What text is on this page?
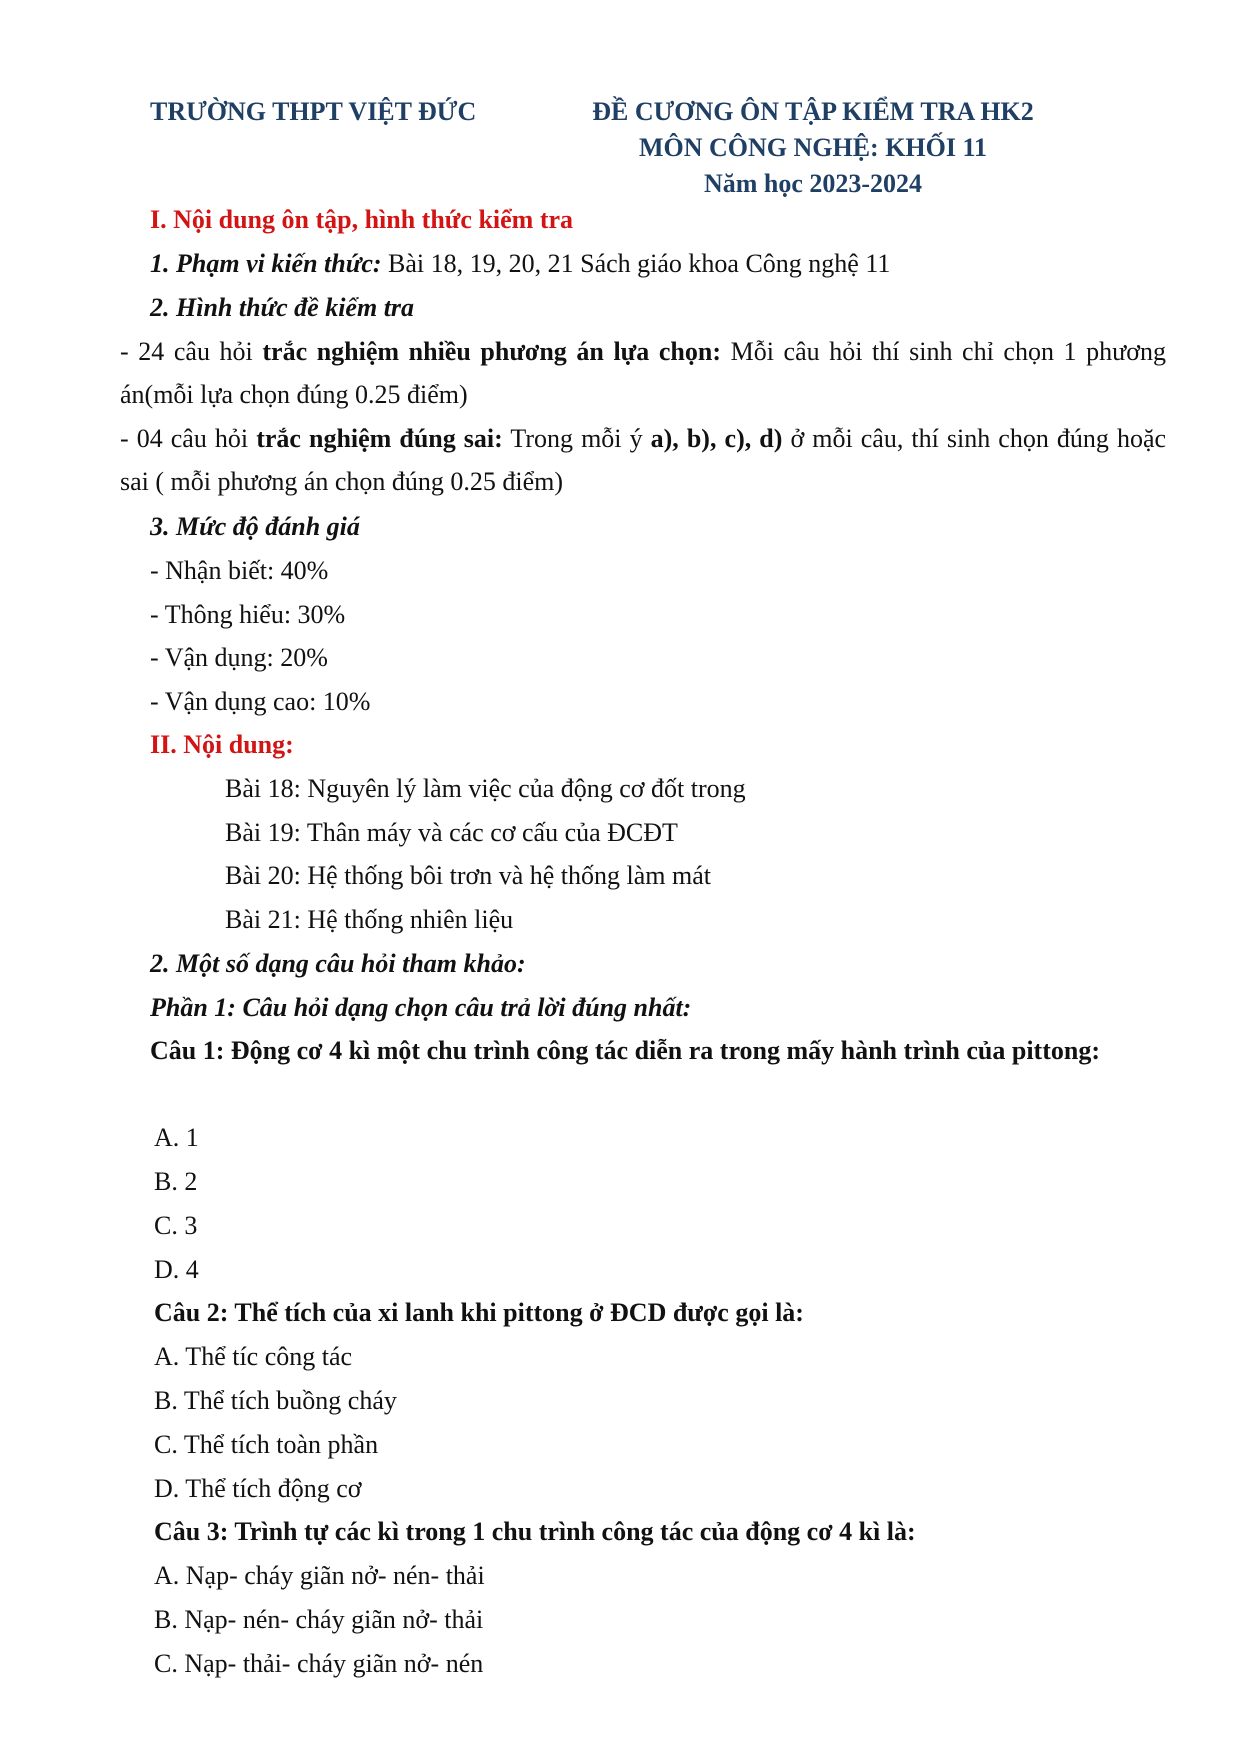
TRƯỜNG THPT VIỆT ĐỨC	ĐỀ CƯƠNG ÔN TẬP KIỂM TRA HK2
MÔN CÔNG NGHỆ: KHỐI 11
Năm học 2023-2024
I. Nội dung ôn tập, hình thức kiểm tra
1. Phạm vi kiến thức: Bài 18, 19, 20, 21 Sách giáo khoa Công nghệ 11
2. Hình thức đề kiểm tra
- 24 câu hỏi trắc nghiệm nhiều phương án lựa chọn: Mỗi câu hỏi thí sinh chỉ chọn 1 phương án(mỗi lựa chọn đúng 0.25 điểm)
- 04 câu hỏi trắc nghiệm đúng sai: Trong mỗi ý a), b), c), d) ở mỗi câu, thí sinh chọn đúng hoặc sai ( mỗi phương án chọn đúng 0.25 điểm)
3. Mức độ đánh giá
- Nhận biết: 40%
- Thông hiểu: 30%
- Vận dụng: 20%
- Vận dụng cao: 10%
II. Nội dung:
Bài 18: Nguyên lý làm việc của động cơ đốt trong
Bài 19: Thân máy và các cơ cấu của ĐCĐT
Bài 20: Hệ thống bôi trơn và hệ thống làm mát
Bài 21: Hệ thống nhiên liệu
2. Một số dạng câu hỏi tham khảo:
Phần 1: Câu hỏi dạng chọn câu trả lời đúng nhất:
Câu 1: Động cơ 4 kì một chu trình công tác diễn ra trong mấy hành trình của pittong:
A. 1
B. 2
C. 3
D. 4
Câu 2: Thể tích của xi lanh khi pittong ở ĐCD được gọi là:
A. Thể tíc công tác
B. Thể tích buồng cháy
C. Thể tích toàn phần
D. Thể tích động cơ
Câu 3: Trình tự các kì trong 1 chu trình công tác của động cơ 4 kì là:
A. Nạp- cháy giãn nở- nén- thải
B. Nạp- nén- cháy giãn nở- thải
C. Nạp- thải- cháy giãn nở- nén
